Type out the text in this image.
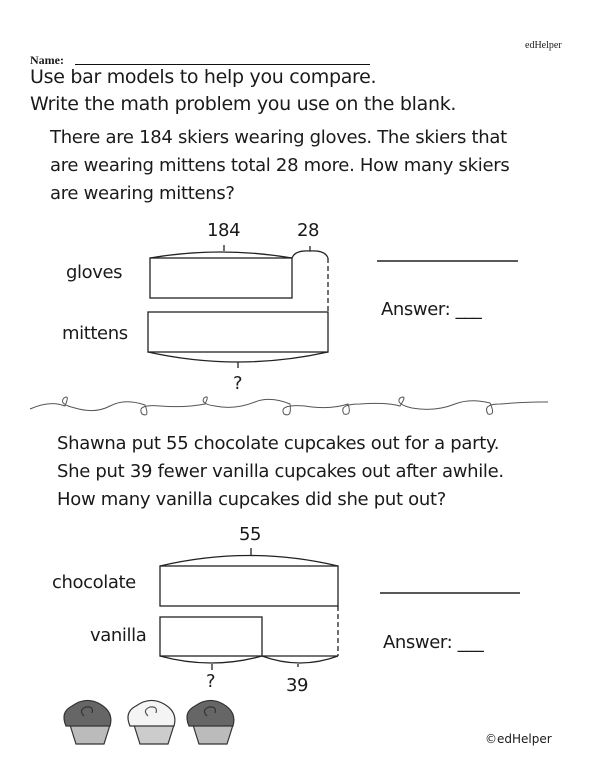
edHelper
Name:
Use bar models to help you compare.
Write the math problem you use on the blank.
There are 184 skiers wearing gloves. The skiers that
are wearing mittens total 28 more. How many skiers
are wearing mittens?
184	28
gloves
mittens
?
Answer: ___
Shawna put 55 chocolate cupcakes out for a party.
She put 39 fewer vanilla cupcakes out after awhile.
How many vanilla cupcakes did she put out?
55
chocolate
vanilla
?	39
Answer: ___
©edHelper
